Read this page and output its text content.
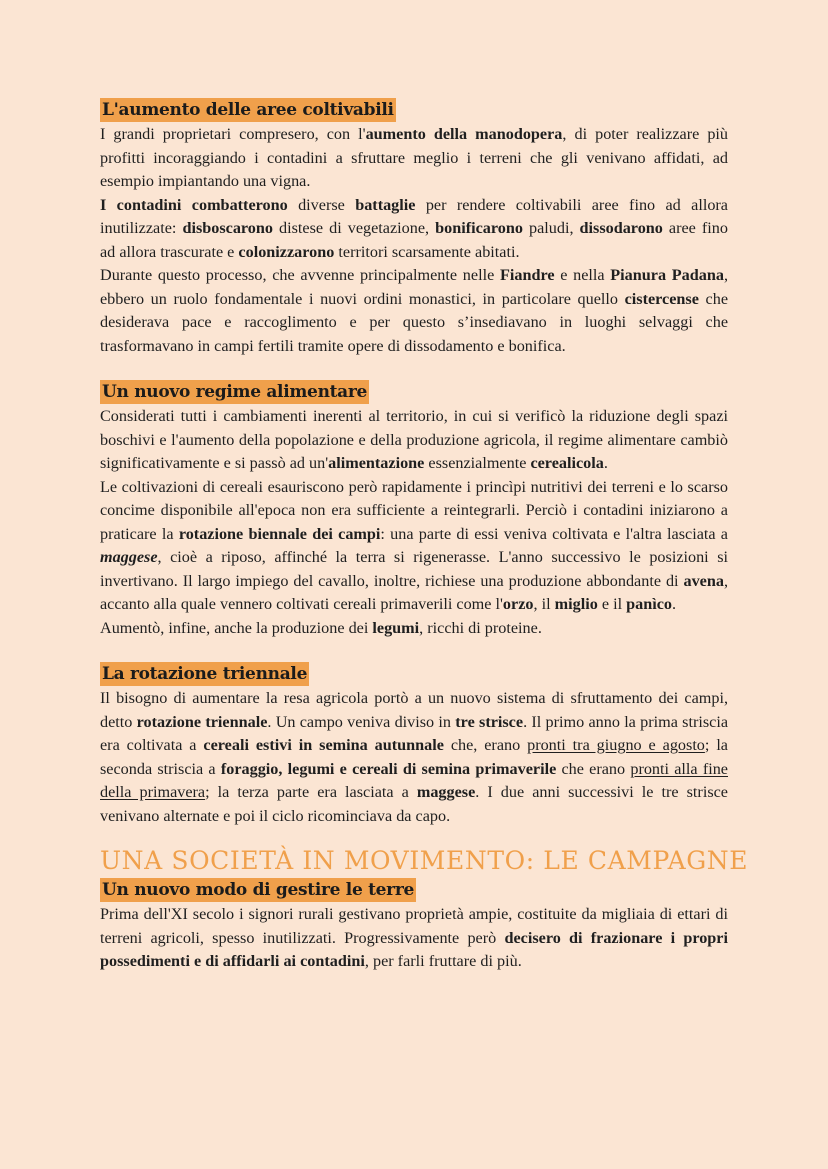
L'aumento delle aree coltivabili

I grandi proprietari compresero, con l'aumento della manodopera, di poter realizzare più profitti incoraggiando i contadini a sfruttare meglio i terreni che gli venivano affidati, ad esempio impiantando una vigna.

I contadini combatterono diverse battaglie per rendere coltivabili aree fino ad allora inutilizzate: disboscarono distese di vegetazione, bonificarono paludi, dissodarono aree fino ad allora trascurate e colonizzarono territori scarsamente abitati.

Durante questo processo, che avvenne principalmente nelle Fiandre e nella Pianura Padana, ebbero un ruolo fondamentale i nuovi ordini monastici, in particolare quello cistercense che desiderava pace e raccoglimento e per questo s’insediavano in luoghi selvaggi che trasformavano in campi fertili tramite opere di dissodamento e bonifica.

Un nuovo regime alimentare

Considerati tutti i cambiamenti inerenti al territorio, in cui si verificò la riduzione degli spazi boschivi e l'aumento della popolazione e della produzione agricola, il regime alimentare cambiò significativamente e si passò ad un'alimentazione essenzialmente cerealicola.

Le coltivazioni di cereali esauriscono però rapidamente i princìpi nutritivi dei terreni e lo scarso concime disponibile all'epoca non era sufficiente a reintegrarli. Perciò i contadini iniziarono a praticare la rotazione biennale dei campi: una parte di essi veniva coltivata e l'altra lasciata a maggese, cioè a riposo, affinché la terra si rigenerasse. L'anno successivo le posizioni si invertivano. Il largo impiego del cavallo, inoltre, richiese una produzione abbondante di avena, accanto alla quale vennero coltivati cereali primaverili come l'orzo, il miglio e il panìco.

Aumentò, infine, anche la produzione dei legumi, ricchi di proteine.

La rotazione triennale

Il bisogno di aumentare la resa agricola portò a un nuovo sistema di sfruttamento dei campi, detto rotazione triennale. Un campo veniva diviso in tre strisce. Il primo anno la prima striscia era coltivata a cereali estivi in semina autunnale che, erano pronti tra giugno e agosto; la seconda striscia a foraggio, legumi e cereali di semina primaverile che erano pronti alla fine della primavera; la terza parte era lasciata a maggese. I due anni successivi le tre strisce venivano alternate e poi il ciclo ricominciava da capo.

UNA SOCIETÀ IN MOVIMENTO: LE CAMPAGNE
Un nuovo modo di gestire le terre

Prima dell'XI secolo i signori rurali gestivano proprietà ampie, costituite da migliaia di ettari di terreni agricoli, spesso inutilizzati. Progressivamente però decisero di frazionare i propri possedimenti e di affidarli ai contadini, per farli fruttare di più.
